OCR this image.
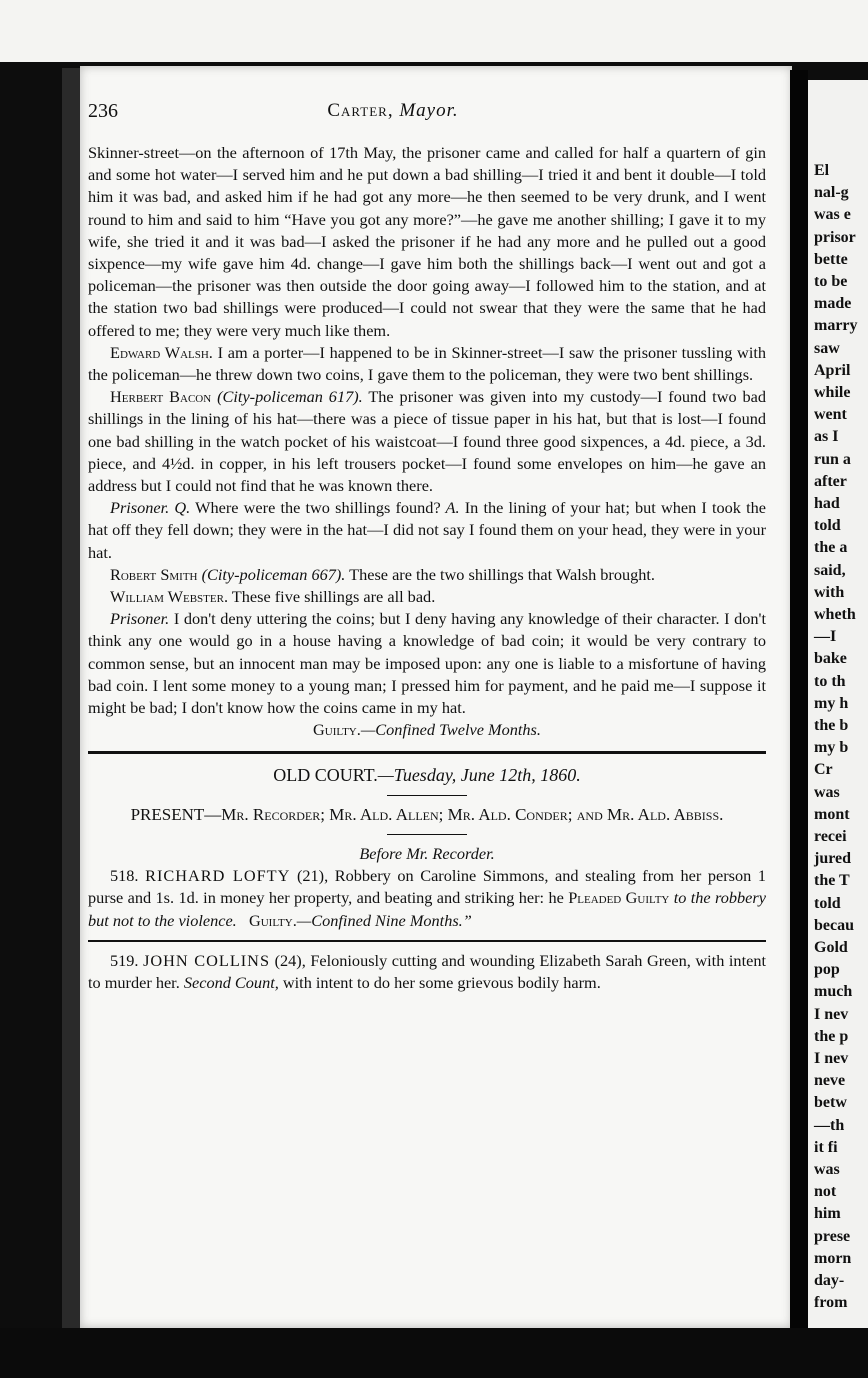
236	Carter, Mayor.

Skinner-street—on the afternoon of 17th May, the prisoner came and called for half a quartern of gin and some hot water—I served him and he put down a bad shilling—I tried it and bent it double—I told him it was bad, and asked him if he had got any more—he then seemed to be very drunk, and I went round to him and said to him “Have you got any more?”—he gave me another shilling; I gave it to my wife, she tried it and it was bad—I asked the prisoner if he had any more and he pulled out a good sixpence—my wife gave him 4d. change—I gave him both the shillings back—I went out and got a policeman—the prisoner was then outside the door going away—I followed him to the station, and at the station two bad shillings were produced—I could not swear that they were the same that he had offered to me; they were very much like them.

Edward Walsh. I am a porter—I happened to be in Skinner-street—I saw the prisoner tussling with the policeman—he threw down two coins, I gave them to the policeman, they were two bent shillings.

Herbert Bacon (City-policeman 617). The prisoner was given into my custody—I found two bad shillings in the lining of his hat—there was a piece of tissue paper in his hat, but that is lost—I found one bad shilling in the watch pocket of his waistcoat—I found three good sixpences, a 4d. piece, a 3d. piece, and 4½d. in copper, in his left trousers pocket—I found some envelopes on him—he gave an address but I could not find that he was known there.

Prisoner. Q. Where were the two shillings found? A. In the lining of your hat; but when I took the hat off they fell down; they were in the hat—I did not say I found them on your head, they were in your hat.

Robert Smith (City-policeman 667). These are the two shillings that Walsh brought.

William Webster. These five shillings are all bad.

Prisoner. I don't deny uttering the coins; but I deny having any knowledge of their character. I don't think any one would go in a house having a knowledge of bad coin; it would be very contrary to common sense, but an innocent man may be imposed upon: any one is liable to a misfortune of having bad coin. I lent some money to a young man; I pressed him for payment, and he paid me—I suppose it might be bad; I don't know how the coins came in my hat.

Guilty.—Confined Twelve Months.

OLD COURT.—Tuesday, June 12th, 1860.

PRESENT—Mr. Recorder; Mr. Ald. Allen; Mr. Ald. Conder; and Mr. Ald. Abbiss.

Before Mr. Recorder.

518. RICHARD LOFTY (21), Robbery on Caroline Simmons, and stealing from her person 1 purse and 1s. 1d. in money her property, and beating and striking her: he Pleaded Guilty to the robbery but not to the violence. Guilty.—Confined Nine Months.”

519. JOHN COLLINS (24), Feloniously cutting and wounding Elizabeth Sarah Green, with intent to murder her. Second Count, with intent to do her some grievous bodily harm.

El
nal-g
was e
prisor
bette
to be
made
marry
saw
April
while
went
as I
run a
after
had
told
the a
said,
with
wheth
—I
bake
to th
my h
the b
my b
Cr
was
mont
recei
jured
the T
told
becau
Gold
pop
much
I nev
the p
I nev
neve
betw
—th
it fi
was
not
him
prese
morn
day-
from
